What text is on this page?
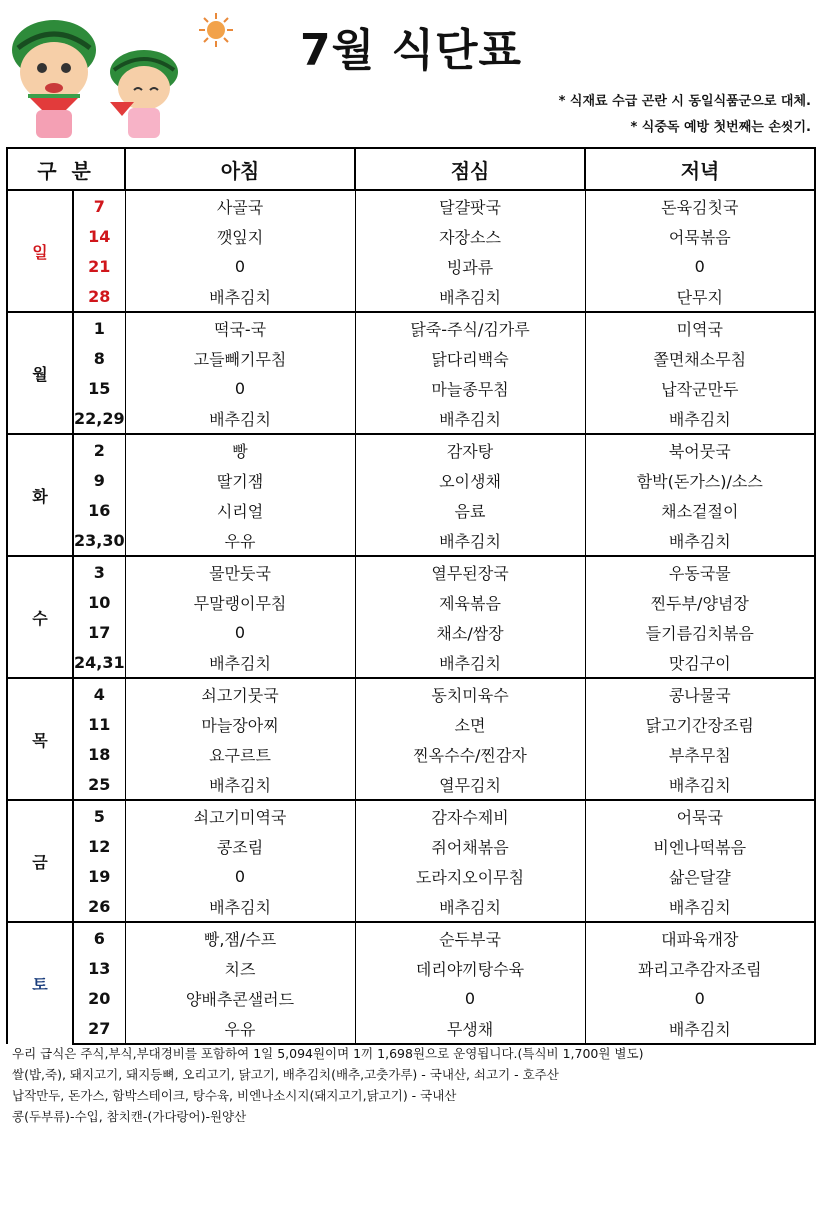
7월 식단표
* 식재료 수급 곤란 시 동일식품군으로 대체.
* 식중독 예방 첫번째는 손씻기.
구 분		아침	점심	저녁
일	7	사골국	달걀팟국	돈육김칫국
	14	깻잎지	자장소스	어묵볶음
	21	0	빙과류	0
	28	배추김치	배추김치	단무지
월	1	떡국-국	닭죽-주식/김가루	미역국
	8	고들빼기무침	닭다리백숙	쫄면채소무침
	15	0	마늘종무침	납작군만두
	22,29	배추김치	배추김치	배추김치
화	2	빵	감자탕	북어뭇국
	9	딸기잼	오이생채	함박(돈가스)/소스
	16	시리얼	음료	채소겉절이
	23,30	우유	배추김치	배추김치
수	3	물만둣국	열무된장국	우동국물
	10	무말랭이무침	제육볶음	찐두부/양념장
	17	0	채소/쌈장	들기름김치볶음
	24,31	배추김치	배추김치	맛김구이
목	4	쇠고기뭇국	동치미육수	콩나물국
	11	마늘장아찌	소면	닭고기간장조림
	18	요구르트	찐옥수수/찐감자	부추무침
	25	배추김치	열무김치	배추김치
금	5	쇠고기미역국	감자수제비	어묵국
	12	콩조림	쥐어채볶음	비엔나떡볶음
	19	0	도라지오이무침	삶은달걀
	26	배추김치	배추김치	배추김치
토	6	빵,잼/수프	순두부국	대파육개장
	13	치즈	데리야끼탕수육	꽈리고추감자조림
	20	양배추콘샐러드	0	0
	27	우유	무생채	배추김치
우리 급식은 주식,부식,부대경비를 포함하여 1일 5,094원이며 1끼 1,698원으로 운영됩니다.(특식비 1,700원 별도)
쌀(밥,죽), 돼지고기, 돼지등뼈, 오리고기, 닭고기, 배추김치(배추,고춧가루) - 국내산, 쇠고기 - 호주산
납작만두, 돈가스, 함박스테이크, 탕수육, 비엔나소시지(돼지고기,닭고기) - 국내산
콩(두부류)-수입, 참치캔-(가다랑어)-원양산
